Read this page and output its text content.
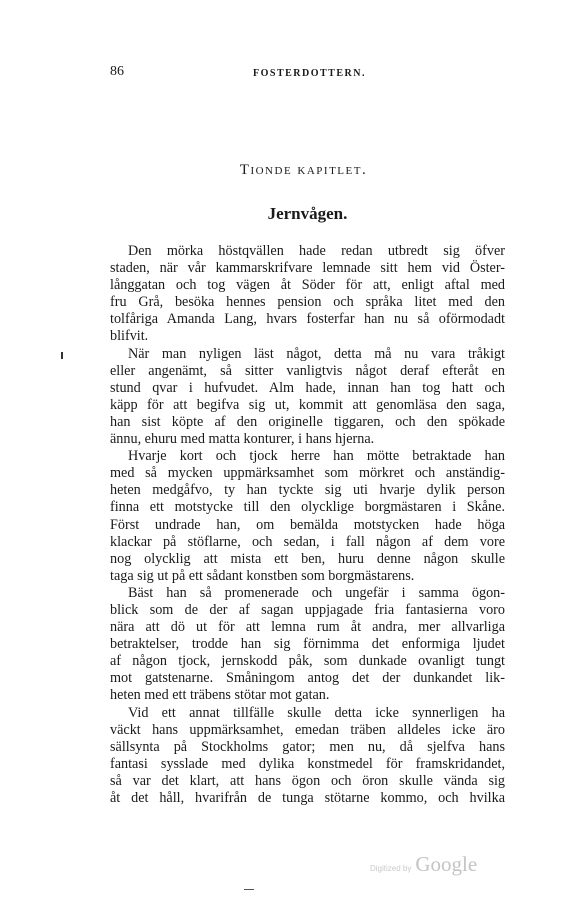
86	FOSTERDOTTERN.
Tionde kapitlet.
Jernvågen.
Den mörka höstqvällen hade redan utbredt sig öfver
staden, när vår kammarskrifvare lemnade sitt hem vid Öster-
långgatan och tog vägen åt Söder för att, enligt aftal med
fru Grå, besöka hennes pension och språka litet med den
tolfåriga Amanda Lang, hvars fosterfar han nu så oförmodadt
blifvit.
När man nyligen läst något, detta må nu vara tråkigt
eller angenämt, så sitter vanligtvis något deraf efteråt en
stund qvar i hufvudet. Alm hade, innan han tog hatt och
käpp för att begifva sig ut, kommit att genomläsa den saga,
han sist köpte af den originelle tiggaren, och den spökade
ännu, ehuru med matta konturer, i hans hjerna.
Hvarje kort och tjock herre han mötte betraktade han
med så mycken uppmärksamhet som mörkret och anständig-
heten medgåfvo, ty han tyckte sig uti hvarje dylik person
finna ett motstycke till den olycklige borgmästaren i Skåne.
Först undrade han, om bemälda motstycken hade höga
klackar på stöflarne, och sedan, i fall någon af dem vore
nog olycklig att mista ett ben, huru denne någon skulle
taga sig ut på ett sådant konstben som borgmästarens.
Bäst han så promenerade och ungefär i samma ögon-
blick som de der af sagan uppjagade fria fantasierna voro
nära att dö ut för att lemna rum åt andra, mer allvarliga
betraktelser, trodde han sig förnimma det enformiga ljudet
af någon tjock, jernskodd påk, som dunkade ovanligt tungt
mot gatstenarne. Småningom antog det der dunkandet lik-
heten med ett träbens stötar mot gatan.
Vid ett annat tillfälle skulle detta icke synnerligen ha
väckt hans uppmärksamhet, emedan träben alldeles icke äro
sällsynta på Stockholms gator; men nu, då sjelfva hans
fantasi sysslade med dylika konstmedel för framskridandet,
så var det klart, att hans ögon och öron skulle vända sig
åt det håll, hvarifrån de tunga stötarne kommo, och hvilka
Digitized by Google
